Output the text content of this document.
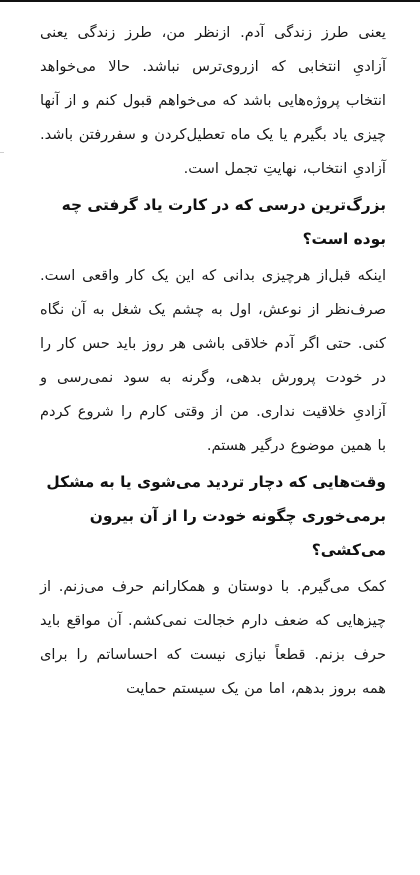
یعنی طرز زندگی آدم. ازنظر من، طرز زندگی یعنی آزادیِ انتخابی که ازروی‌ترس نباشد. حالا می‌خواهد انتخاب پروژه‌هایی باشد که می‌خواهم قبول کنم و از آنها چیزی یاد بگیرم یا یک ماه تعطیل‌کردن و سفررفتن باشد. آزادیِ انتخاب، نهایتِ تجمل است.

بزرگ‌ترین درسی که در کارت یاد گرفتی چه بوده است؟

اینکه قبل‌از هرچیزی بدانی که این یک کار واقعی است. صرف‌نظر از نوعش، اول به چشم یک شغل به آن نگاه کنی. حتی اگر آدم خلاقی باشی هر روز باید حس کار را در خودت پرورش بدهی، وگرنه به سود نمی‌رسی و آزادیِ خلاقیت نداری. من از وقتی کارم را شروع کردم با همین موضوع درگیر هستم.

وقت‌هایی که دچار تردید می‌شوی یا به مشکل برمی‌خوری چگونه خودت را از آن بیرون می‌کشی؟

کمک می‌گیرم. با دوستان و همکارانم حرف می‌زنم. از چیزهایی که ضعف دارم خجالت نمی‌کشم. آن مواقع باید حرف بزنم. قطعاً نیازی نیست که احساساتم را برای همه بروز بدهم، اما من یک سیستم حمایت
